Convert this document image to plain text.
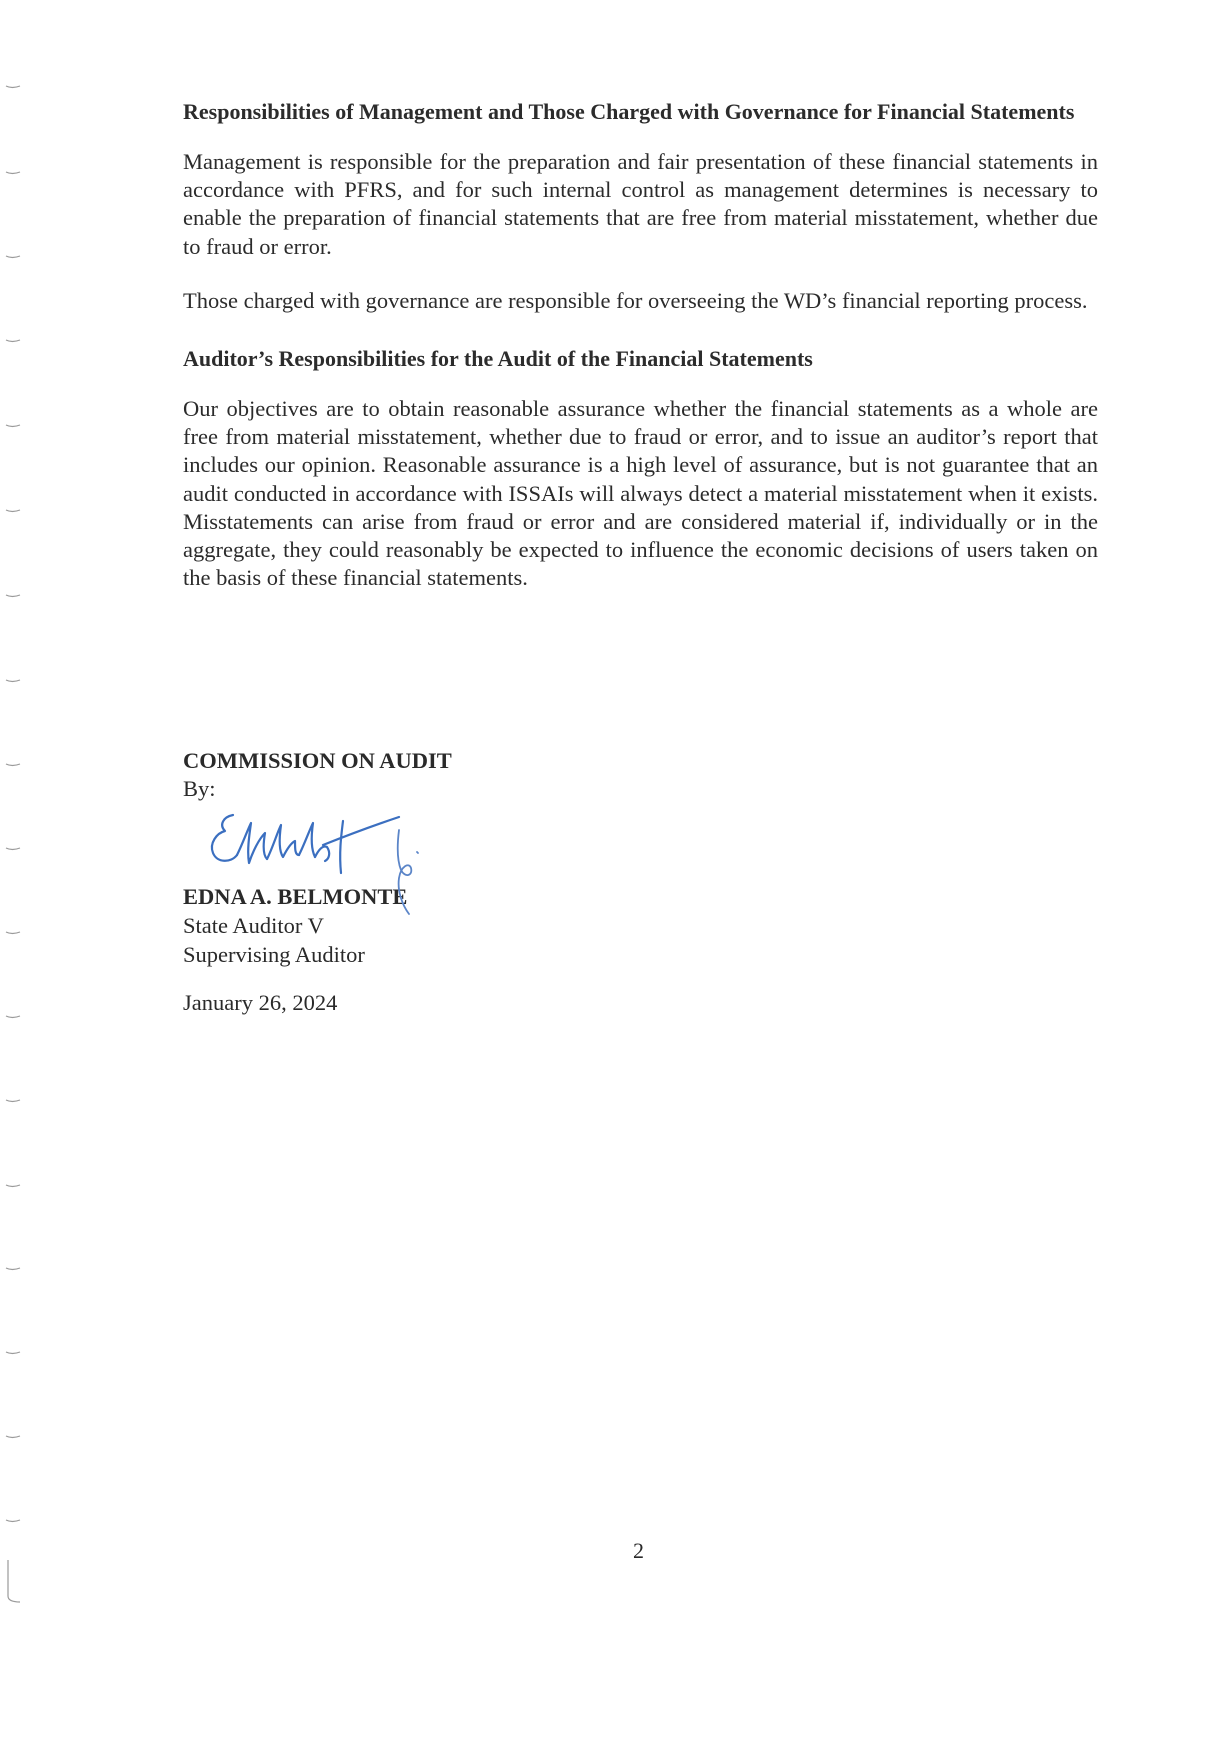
Responsibilities of Management and Those Charged with Governance for Financial Statements

Management is responsible for the preparation and fair presentation of these financial statements in accordance with PFRS, and for such internal control as management determines is necessary to enable the preparation of financial statements that are free from material misstatement, whether due to fraud or error.

Those charged with governance are responsible for overseeing the WD’s financial reporting process.

Auditor’s Responsibilities for the Audit of the Financial Statements

Our objectives are to obtain reasonable assurance whether the financial statements as a whole are free from material misstatement, whether due to fraud or error, and to issue an auditor’s report that includes our opinion. Reasonable assurance is a high level of assurance, but is not guarantee that an audit conducted in accordance with ISSAIs will always detect a material misstatement when it exists. Misstatements can arise from fraud or error and are considered material if, individually or in the aggregate, they could reasonably be expected to influence the economic decisions of users taken on the basis of these financial statements.

COMMISSION ON AUDIT
By:
EDNA A. BELMONTE
State Auditor V
Supervising Auditor
January 26, 2024
2
